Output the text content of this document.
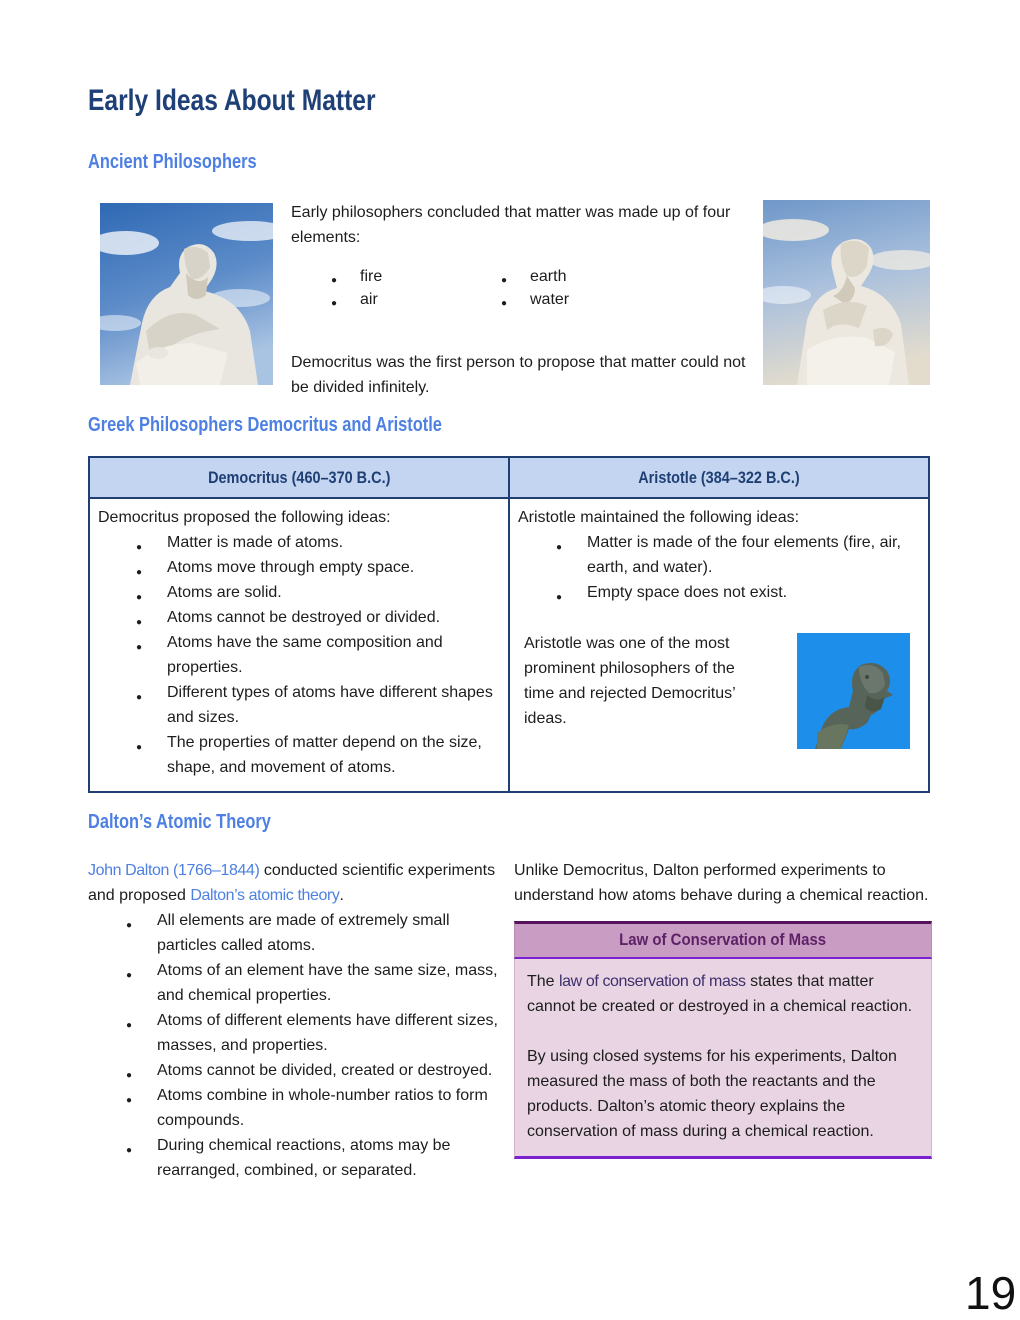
Early Ideas About Matter
Ancient Philosophers

Early philosophers concluded that matter was made up of four elements:

● fire
● air
● earth
● water

Democritus was the first person to propose that matter could not be divided infinitely.

Greek Philosophers Democritus and Aristotle
Democritus (460–370 B.C.)	Aristotle (384–322 B.C.)

Democritus proposed the following ideas:

● Matter is made of atoms.
● Atoms move through empty space.
● Atoms are solid.
● Atoms cannot be destroyed or divided.
● Atoms have the same composition and properties.
● Different types of atoms have different shapes and sizes.
● The properties of matter depend on the size, shape, and movement of atoms.

Aristotle maintained the following ideas:

● Matter is made of the four elements (fire, air, earth, and water).
● Empty space does not exist.

Aristotle was one of the most prominent philosophers of the time and rejected Democritus’ ideas.

Dalton’s Atomic Theory

John Dalton (1766–1844) conducted scientific experiments and proposed Dalton’s atomic theory.

● All elements are made of extremely small particles called atoms.
● Atoms of an element have the same size, mass, and chemical properties.
● Atoms of different elements have different sizes, masses, and properties.
● Atoms cannot be divided, created or destroyed.
● Atoms combine in whole-number ratios to form compounds.
● During chemical reactions, atoms may be rearranged, combined, or separated.

Unlike Democritus, Dalton performed experiments to understand how atoms behave during a chemical reaction.

Law of Conservation of Mass

The law of conservation of mass states that matter cannot be created or destroyed in a chemical reaction.

By using closed systems for his experiments, Dalton measured the mass of both the reactants and the products. Dalton’s atomic theory explains the conservation of mass during a chemical reaction.

19
